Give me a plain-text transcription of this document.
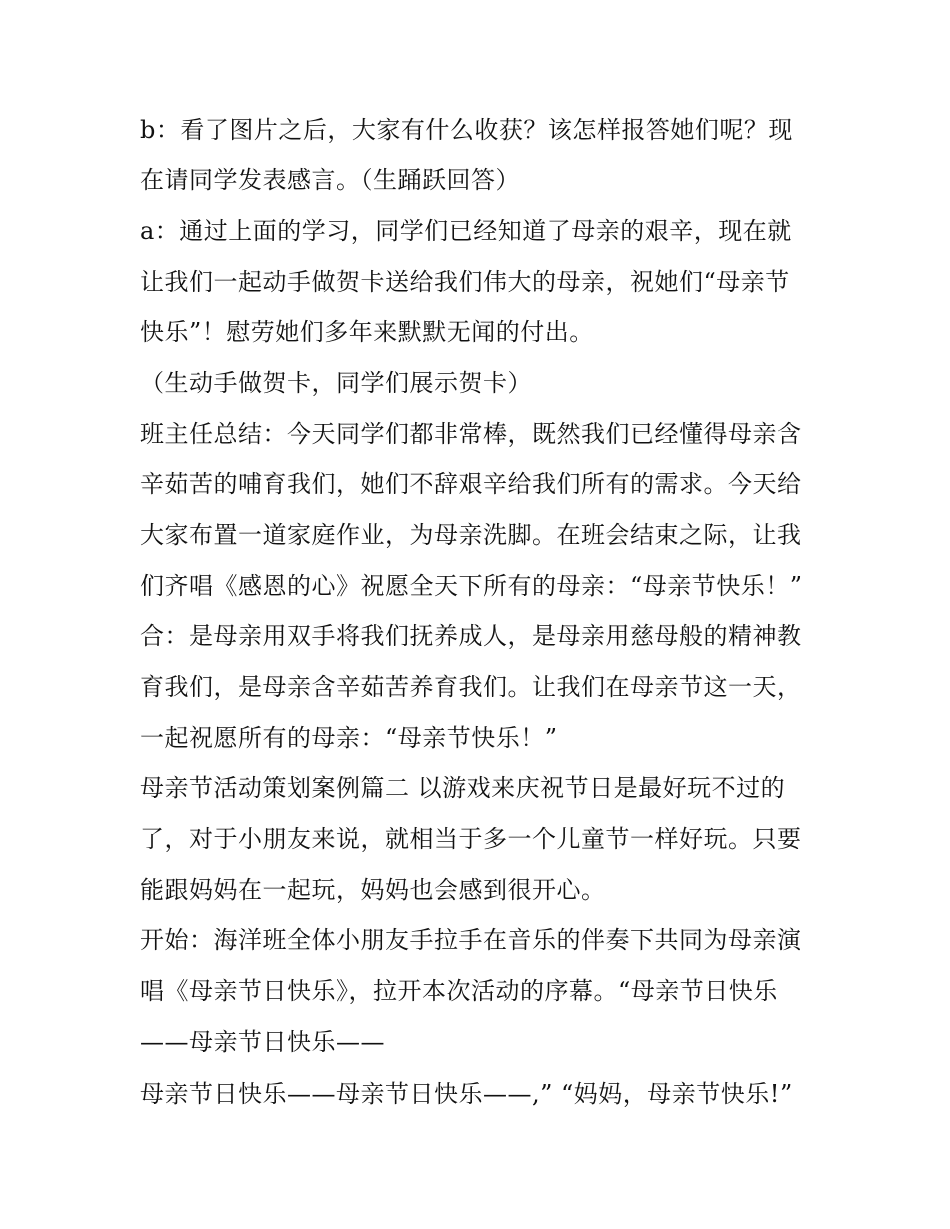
b：看了图片之后，大家有什么收获？该怎样报答她们呢？现
在请同学发表感言。（生踊跃回答）
a：通过上面的学习，同学们已经知道了母亲的艰辛，现在就
让我们一起动手做贺卡送给我们伟大的母亲，祝她们“母亲节
快乐”！慰劳她们多年来默默无闻的付出。
（生动手做贺卡，同学们展示贺卡）
班主任总结：今天同学们都非常棒，既然我们已经懂得母亲含
辛茹苦的哺育我们，她们不辞艰辛给我们所有的需求。今天给
大家布置一道家庭作业，为母亲洗脚。在班会结束之际，让我
们齐唱《感恩的心》祝愿全天下所有的母亲：“母亲节快乐！”
合：是母亲用双手将我们抚养成人，是母亲用慈母般的精神教
育我们，是母亲含辛茹苦养育我们。让我们在母亲节这一天，
一起祝愿所有的母亲：“母亲节快乐！”
母亲节活动策划案例篇二 以游戏来庆祝节日是最好玩不过的
了，对于小朋友来说，就相当于多一个儿童节一样好玩。只要
能跟妈妈在一起玩，妈妈也会感到很开心。
开始：海洋班全体小朋友手拉手在音乐的伴奏下共同为母亲演
唱《母亲节日快乐》，拉开本次活动的序幕。“母亲节日快乐
——母亲节日快乐——
母亲节日快乐——母亲节日快乐——,” “妈妈，母亲节快乐!”
